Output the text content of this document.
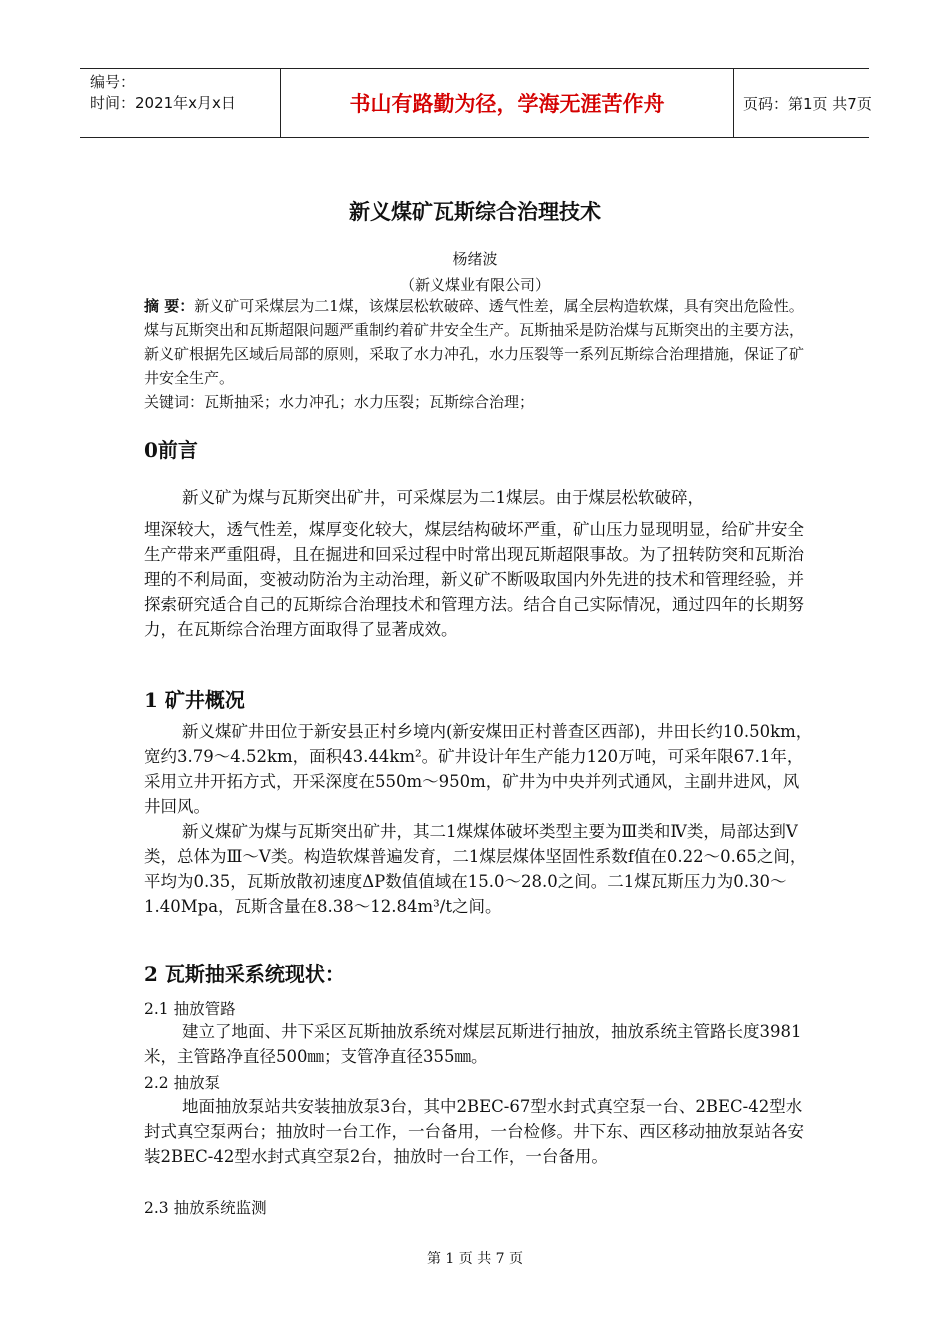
编号：
时间：2021年x月x日	书山有路勤为径，学海无涯苦作舟	页码：第1页 共7页
新义煤矿瓦斯综合治理技术
杨绪波
（新义煤业有限公司）

摘 要：新义矿可采煤层为二1煤，该煤层松软破碎、透气性差，属全层构造软煤，具有突出危险性。煤与瓦斯突出和瓦斯超限问题严重制约着矿井安全生产。瓦斯抽采是防治煤与瓦斯突出的主要方法，新义矿根据先区域后局部的原则，采取了水力冲孔，水力压裂等一系列瓦斯综合治理措施，保证了矿井安全生产。

关键词：瓦斯抽采；水力冲孔；水力压裂；瓦斯综合治理；

0前言

新义矿为煤与瓦斯突出矿井，可采煤层为二1煤层。由于煤层松软破碎，

埋深较大，透气性差，煤厚变化较大，煤层结构破坏严重，矿山压力显现明显，给矿井安全生产带来严重阻碍，且在掘进和回采过程中时常出现瓦斯超限事故。为了扭转防突和瓦斯治理的不利局面，变被动防治为主动治理，新义矿不断吸取国内外先进的技术和管理经验，并探索研究适合自己的瓦斯综合治理技术和管理方法。结合自己实际情况，通过四年的长期努力，在瓦斯综合治理方面取得了显著成效。

1 矿井概况

新义煤矿井田位于新安县正村乡境内(新安煤田正村普查区西部)，井田长约10.50km，宽约3.79～4.52km，面积43.44km²。矿井设计年生产能力120万吨，可采年限67.1年，采用立井开拓方式，开采深度在550m～950m，矿井为中央并列式通风，主副井进风，风井回风。

新义煤矿为煤与瓦斯突出矿井，其二1煤煤体破坏类型主要为Ⅲ类和Ⅳ类，局部达到Ⅴ类，总体为Ⅲ～Ⅴ类。构造软煤普遍发育，二1煤层煤体坚固性系数f值在0.22～0.65之间，平均为0.35，瓦斯放散初速度ΔP数值值域在15.0～28.0之间。二1煤瓦斯压力为0.30～1.40Mpa，瓦斯含量在8.38～12.84m³/t之间。

2 瓦斯抽采系统现状：
2.1 抽放管路

建立了地面、井下采区瓦斯抽放系统对煤层瓦斯进行抽放，抽放系统主管路长度3981米，主管路净直径500㎜；支管净直径355㎜。

2.2 抽放泵

地面抽放泵站共安装抽放泵3台，其中2BEC-67型水封式真空泵一台、2BEC-42型水封式真空泵两台；抽放时一台工作，一台备用，一台检修。井下东、西区移动抽放泵站各安装2BEC-42型水封式真空泵2台，抽放时一台工作，一台备用。

2.3 抽放系统监测
第 1 页 共 7 页
